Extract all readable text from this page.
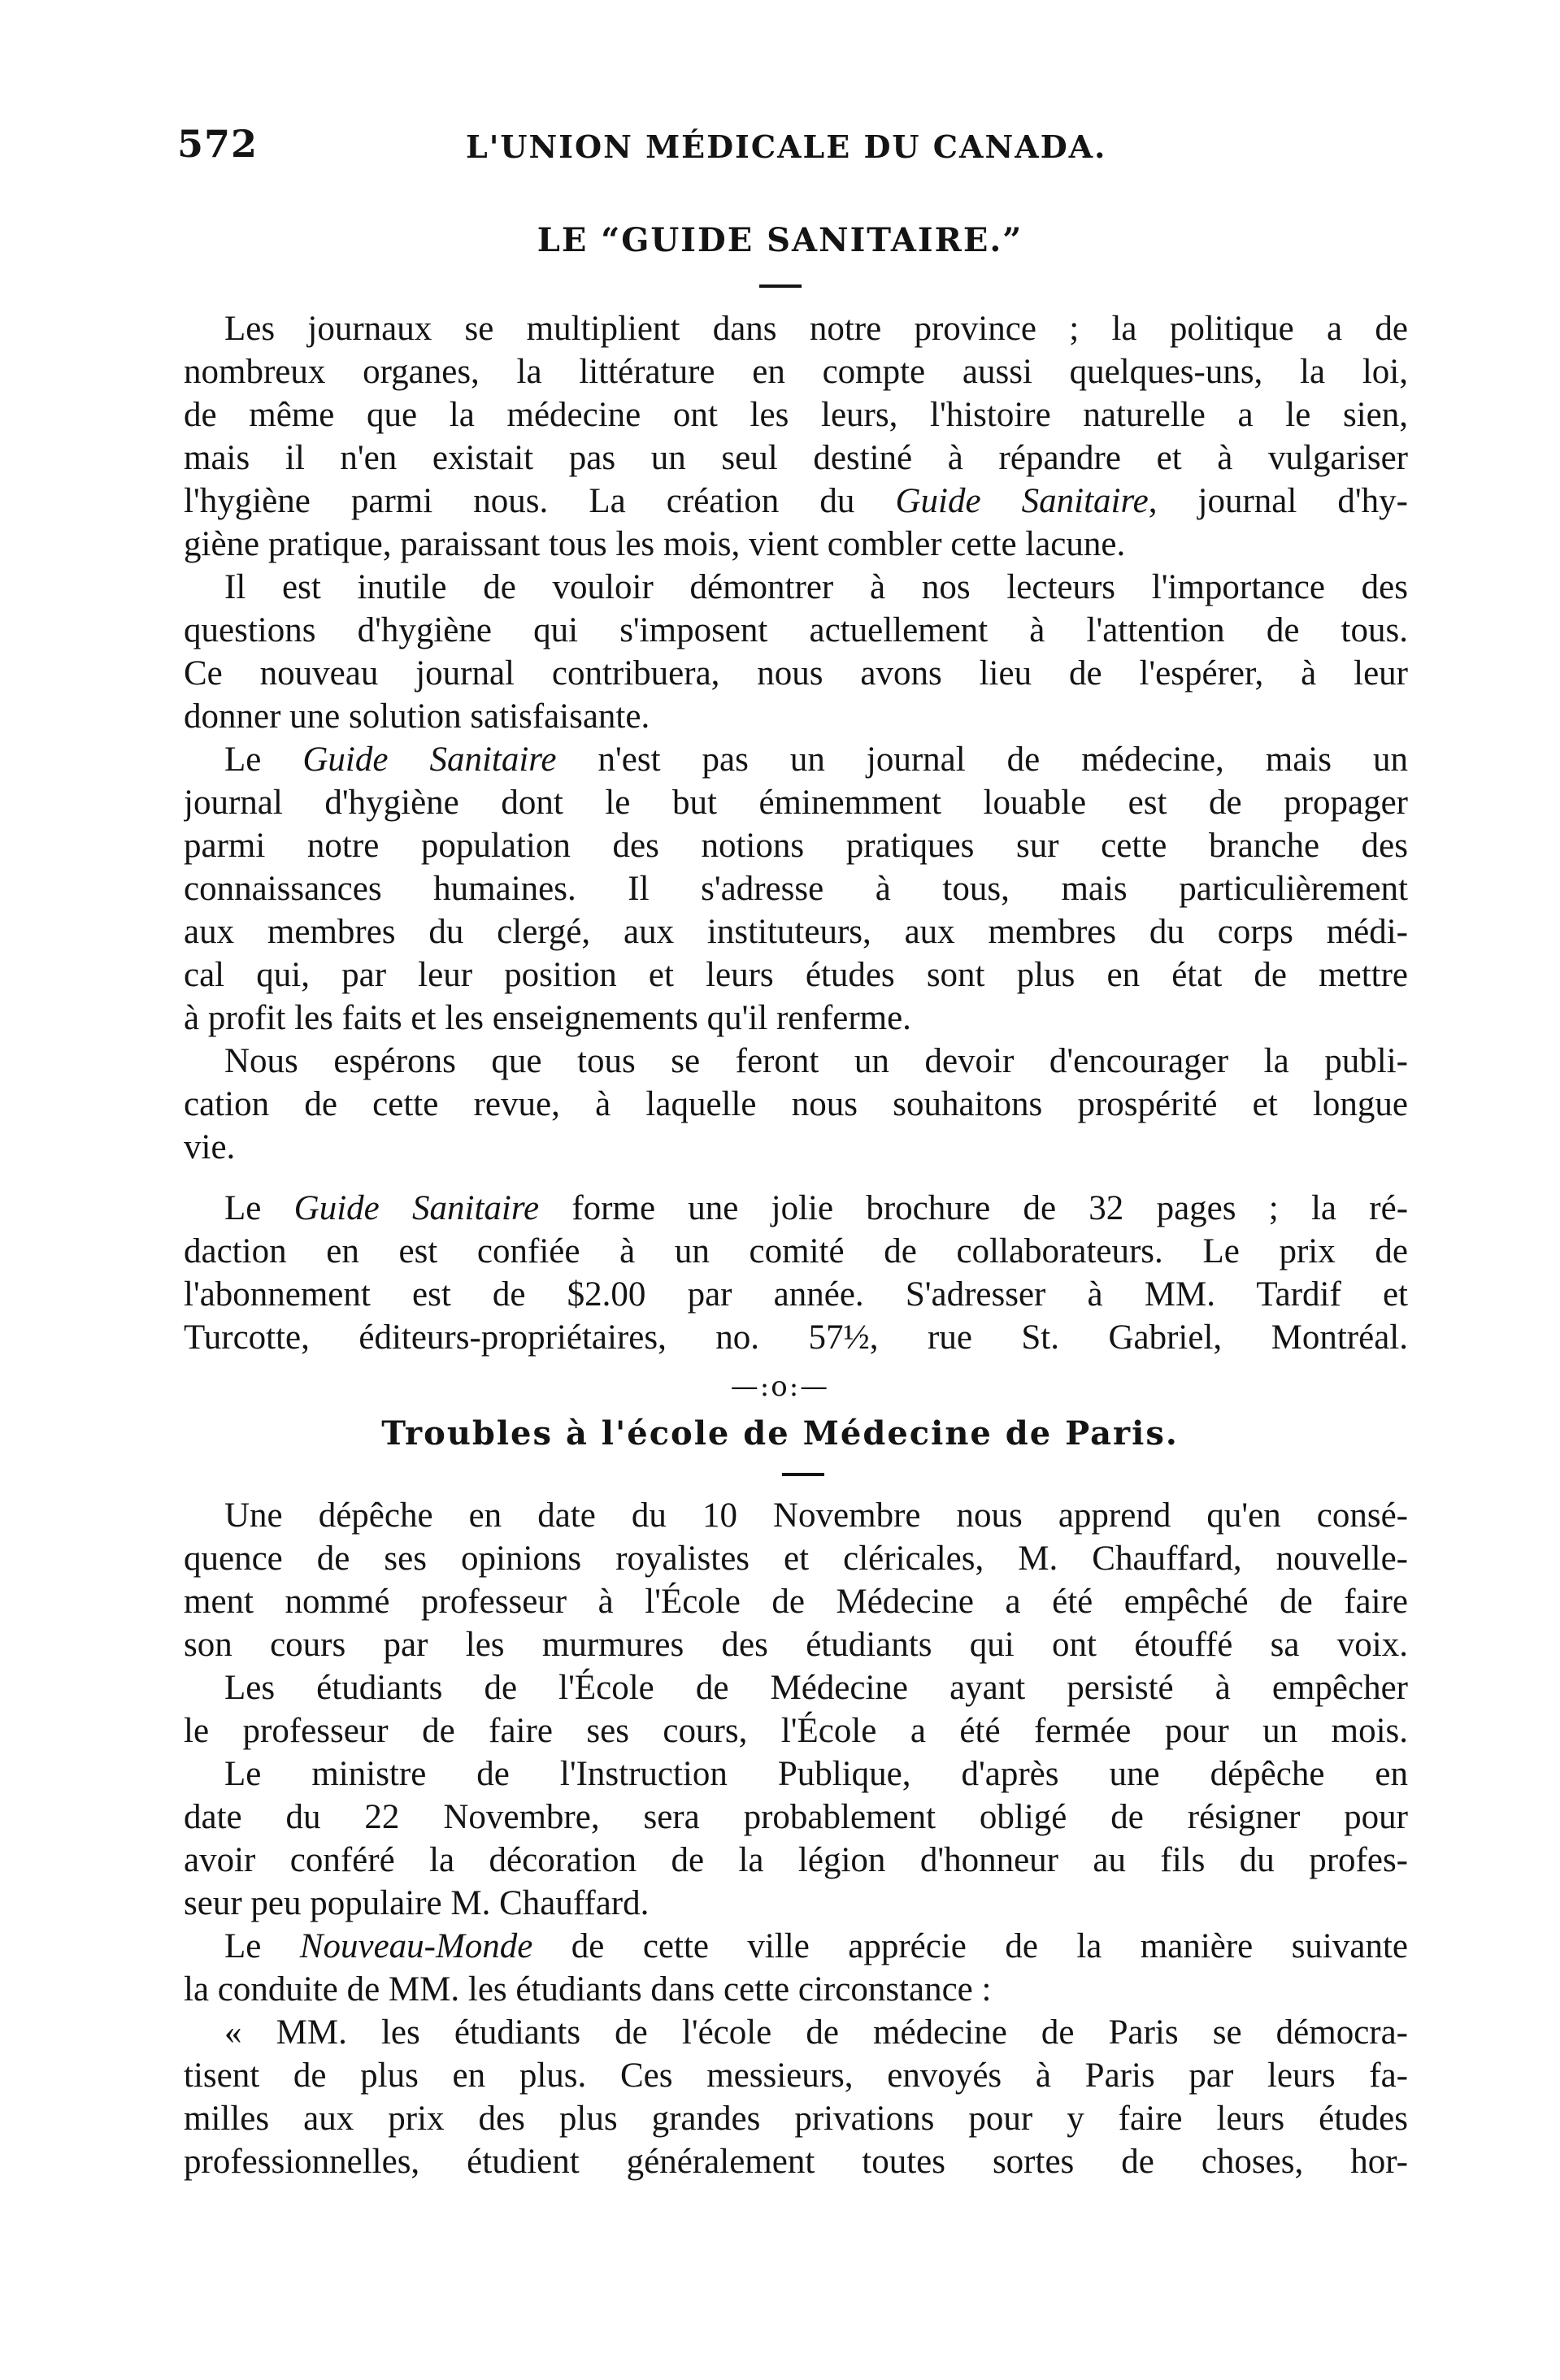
572	L'UNION MÉDICALE DU CANADA.
LE “GUIDE SANITAIRE.”
Les journaux se multiplient dans notre province ; la politique a de
nombreux organes, la littérature en compte aussi quelques-uns, la loi,
de même que la médecine ont les leurs, l'histoire naturelle a le sien,
mais il n'en existait pas un seul destiné à répandre et à vulgariser
l'hygiène parmi nous. La création du Guide Sanitaire, journal d'hy-
giène pratique, paraissant tous les mois, vient combler cette lacune.
Il est inutile de vouloir démontrer à nos lecteurs l'importance des
questions d'hygiène qui s'imposent actuellement à l'attention de tous.
Ce nouveau journal contribuera, nous avons lieu de l'espérer, à leur
donner une solution satisfaisante.
Le Guide Sanitaire n'est pas un journal de médecine, mais un
journal d'hygiène dont le but éminemment louable est de propager
parmi notre population des notions pratiques sur cette branche des
connaissances humaines. Il s'adresse à tous, mais particulièrement
aux membres du clergé, aux instituteurs, aux membres du corps médi-
cal qui, par leur position et leurs études sont plus en état de mettre
à profit les faits et les enseignements qu'il renferme.
Nous espérons que tous se feront un devoir d'encourager la publi-
cation de cette revue, à laquelle nous souhaitons prospérité et longue
vie.
Le Guide Sanitaire forme une jolie brochure de 32 pages ; la ré-
daction en est confiée à un comité de collaborateurs. Le prix de
l'abonnement est de $2.00 par année. S'adresser à MM. Tardif et
Turcotte, éditeurs-propriétaires, no. 57½, rue St. Gabriel, Montréal.
—:o:—
Troubles à l'école de Médecine de Paris.
Une dépêche en date du 10 Novembre nous apprend qu'en consé-
quence de ses opinions royalistes et cléricales, M. Chauffard, nouvelle-
ment nommé professeur à l'École de Médecine a été empêché de faire
son cours par les murmures des étudiants qui ont étouffé sa voix.
Les étudiants de l'École de Médecine ayant persisté à empêcher
le professeur de faire ses cours, l'École a été fermée pour un mois.
Le ministre de l'Instruction Publique, d'après une dépêche en
date du 22 Novembre, sera probablement obligé de résigner pour
avoir conféré la décoration de la légion d'honneur au fils du profes-
seur peu populaire M. Chauffard.
Le Nouveau-Monde de cette ville apprécie de la manière suivante
la conduite de MM. les étudiants dans cette circonstance :
« MM. les étudiants de l'école de médecine de Paris se démocra-
tisent de plus en plus. Ces messieurs, envoyés à Paris par leurs fa-
milles aux prix des plus grandes privations pour y faire leurs études
professionnelles, étudient généralement toutes sortes de choses, hor-
